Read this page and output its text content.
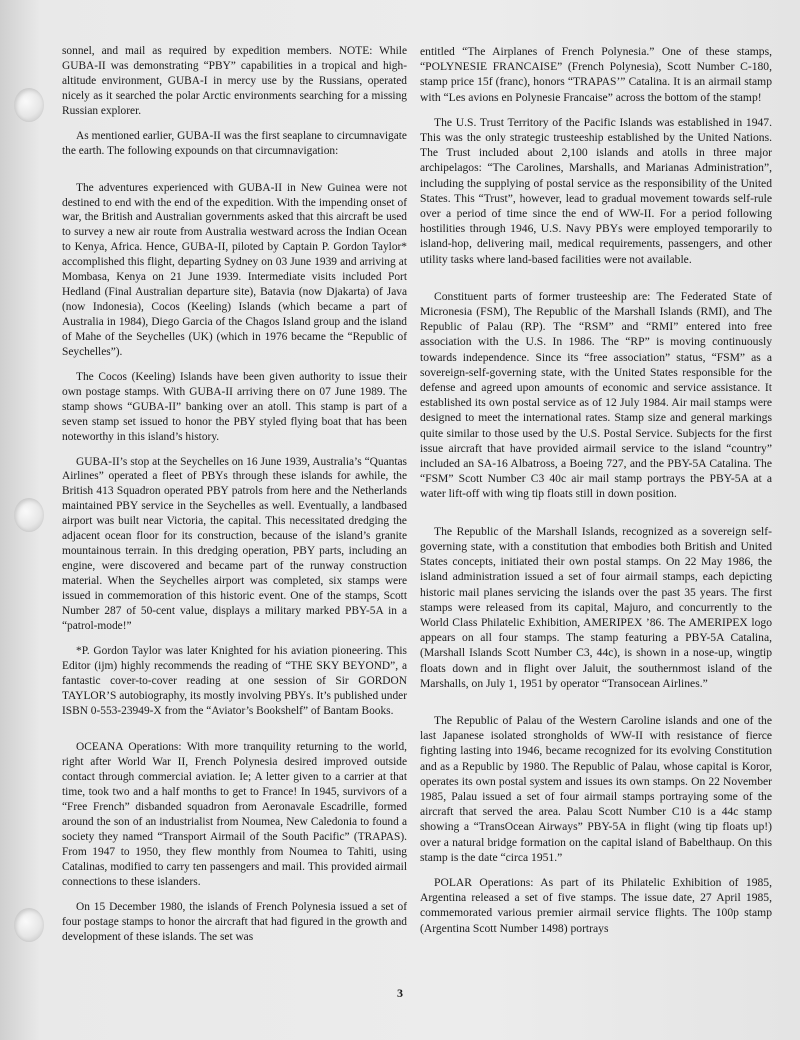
sonnel, and mail as required by expedition members. NOTE: While GUBA-II was demonstrating “PBY” capabilities in a tropical and high-altitude environment, GUBA-I in mercy use by the Russians, operated nicely as it searched the polar Arctic environments searching for a missing Russian explorer.

As mentioned earlier, GUBA-II was the first seaplane to circumnavigate the earth. The following expounds on that circumnavigation:

The adventures experienced with GUBA-II in New Guinea were not destined to end with the end of the expedition. With the impending onset of war, the British and Australian governments asked that this aircraft be used to survey a new air route from Australia westward across the Indian Ocean to Kenya, Africa. Hence, GUBA-II, piloted by Captain P. Gordon Taylor* accomplished this flight, departing Sydney on 03 June 1939 and arriving at Mombasa, Kenya on 21 June 1939. Intermediate visits included Port Hedland (Final Australian departure site), Batavia (now Djakarta) of Java (now Indonesia), Cocos (Keeling) Islands (which became a part of Australia in 1984), Diego Garcia of the Chagos Island group and the island of Mahe of the Seychelles (UK) (which in 1976 became the “Republic of Seychelles”).

The Cocos (Keeling) Islands have been given authority to issue their own postage stamps. With GUBA-II arriving there on 07 June 1989. The stamp shows “GUBA-II” banking over an atoll. This stamp is part of a seven stamp set issued to honor the PBY styled flying boat that has been noteworthy in this island’s history.

GUBA-II’s stop at the Seychelles on 16 June 1939, Australia’s “Quantas Airlines” operated a fleet of PBYs through these islands for awhile, the British 413 Squadron operated PBY patrols from here and the Netherlands maintained PBY service in the Seychelles as well. Eventually, a landbased airport was built near Victoria, the capital. This necessitated dredging the adjacent ocean floor for its construction, because of the island’s granite mountainous terrain. In this dredging operation, PBY parts, including an engine, were discovered and became part of the runway construction material. When the Seychelles airport was completed, six stamps were issued in commemoration of this historic event. One of the stamps, Scott Number 287 of 50-cent value, displays a military marked PBY-5A in a “patrol-mode!”

*P. Gordon Taylor was later Knighted for his aviation pioneering. This Editor (ijm) highly recommends the reading of “THE SKY BEYOND”, a fantastic cover-to-cover reading at one session of Sir GORDON TAYLOR’S autobiography, its mostly involving PBYs. It’s published under ISBN 0-553-23949-X from the “Aviator’s Bookshelf” of Bantam Books.

OCEANA Operations: With more tranquility returning to the world, right after World War II, French Polynesia desired improved outside contact through commercial aviation. Ie; A letter given to a carrier at that time, took two and a half months to get to France! In 1945, survivors of a “Free French” disbanded squadron from Aeronavale Escadrille, formed around the son of an industrialist from Noumea, New Caledonia to found a society they named “Transport Airmail of the South Pacific” (TRAPAS). From 1947 to 1950, they flew monthly from Noumea to Tahiti, using Catalinas, modified to carry ten passengers and mail. This provided airmail connections to these islanders.

On 15 December 1980, the islands of French Polynesia issued a set of four postage stamps to honor the aircraft that had figured in the growth and development of these islands. The set was

entitled “The Airplanes of French Polynesia.” One of these stamps, “POLYNESIE FRANCAISE” (French Polynesia), Scott Number C-180, stamp price 15f (franc), honors “TRAPAS’” Catalina. It is an airmail stamp with “Les avions en Polynesie Francaise” across the bottom of the stamp!

The U.S. Trust Territory of the Pacific Islands was established in 1947. This was the only strategic trusteeship established by the United Nations. The Trust included about 2,100 islands and atolls in three major archipelagos: “The Carolines, Marshalls, and Marianas Administration”, including the supplying of postal service as the responsibility of the United States. This “Trust”, however, lead to gradual movement towards self-rule over a period of time since the end of WW-II. For a period following hostilities through 1946, U.S. Navy PBYs were employed temporarily to island-hop, delivering mail, medical requirements, passengers, and other utility tasks where land-based facilities were not available.

Constituent parts of former trusteeship are: The Federated State of Micronesia (FSM), The Republic of the Marshall Islands (RMI), and The Republic of Palau (RP). The “RSM” and “RMI” entered into free association with the U.S. In 1986. The “RP” is moving continuously towards independence. Since its “free association” status, “FSM” as a sovereign-self-governing state, with the United States responsible for the defense and agreed upon amounts of economic and service assistance. It established its own postal service as of 12 July 1984. Air mail stamps were designed to meet the international rates. Stamp size and general markings quite similar to those used by the U.S. Postal Service. Subjects for the first issue aircraft that have provided airmail service to the island “country” included an SA-16 Albatross, a Boeing 727, and the PBY-5A Catalina. The “FSM” Scott Number C3 40c air mail stamp portrays the PBY-5A at a water lift-off with wing tip floats still in down position.

The Republic of the Marshall Islands, recognized as a sovereign self-governing state, with a constitution that embodies both British and United States concepts, initiated their own postal stamps. On 22 May 1986, the island administration issued a set of four airmail stamps, each depicting historic mail planes servicing the islands over the past 35 years. The first stamps were released from its capital, Majuro, and concurrently to the World Class Philatelic Exhibition, AMERIPEX ’86. The AMERIPEX logo appears on all four stamps. The stamp featuring a PBY-5A Catalina, (Marshall Islands Scott Number C3, 44c), is shown in a nose-up, wingtip floats down and in flight over Jaluit, the southernmost island of the Marshalls, on July 1, 1951 by operator “Transocean Airlines.”

The Republic of Palau of the Western Caroline islands and one of the last Japanese isolated strongholds of WW-II with resistance of fierce fighting lasting into 1946, became recognized for its evolving Constitution and as a Republic by 1980. The Republic of Palau, whose capital is Koror, operates its own postal system and issues its own stamps. On 22 November 1985, Palau issued a set of four airmail stamps portraying some of the aircraft that served the area. Palau Scott Number C10 is a 44c stamp showing a “TransOcean Airways” PBY-5A in flight (wing tip floats up!) over a natural bridge formation on the capital island of Babelthaup. On this stamp is the date “circa 1951.”

POLAR Operations: As part of its Philatelic Exhibition of 1985, Argentina released a set of five stamps. The issue date, 27 April 1985, commemorated various premier airmail service flights. The 100p stamp (Argentina Scott Number 1498) portrays

3
